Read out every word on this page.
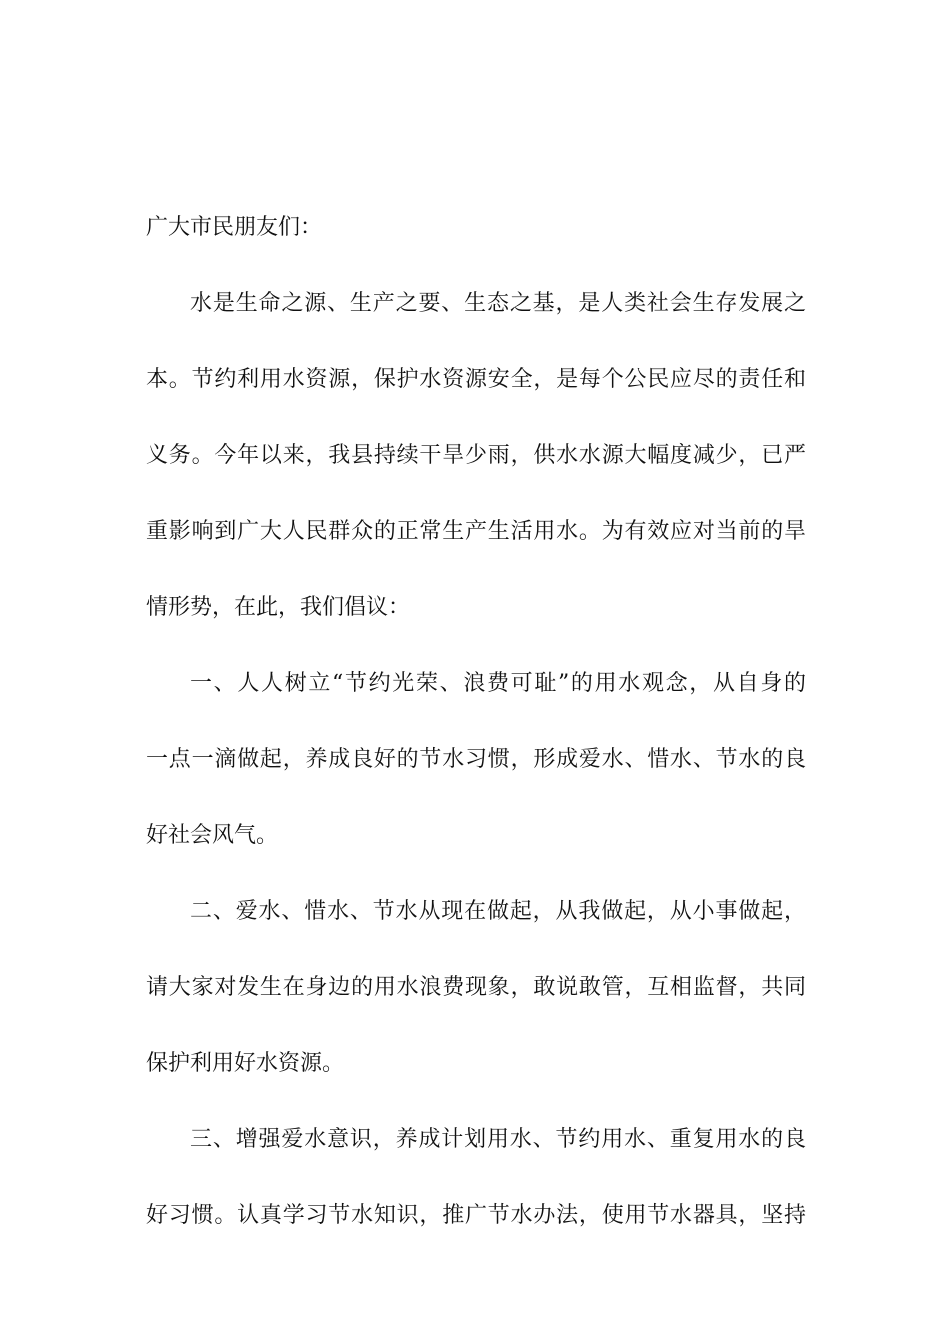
广大市民朋友们：
水是生命之源、生产之要、生态之基，是人类社会生存发展之
本。节约利用水资源，保护水资源安全，是每个公民应尽的责任和
义务。今年以来，我县持续干旱少雨，供水水源大幅度减少，已严
重影响到广大人民群众的正常生产生活用水。为有效应对当前的旱
情形势，在此，我们倡议：
一、人人树立“节约光荣、浪费可耻”的用水观念，从自身的
一点一滴做起，养成良好的节水习惯，形成爱水、惜水、节水的良
好社会风气。
二、爱水、惜水、节水从现在做起，从我做起，从小事做起，
请大家对发生在身边的用水浪费现象，敢说敢管，互相监督，共同
保护利用好水资源。
三、增强爱水意识，养成计划用水、节约用水、重复用水的良
好习惯。认真学习节水知识，推广节水办法，使用节水器具，坚持
